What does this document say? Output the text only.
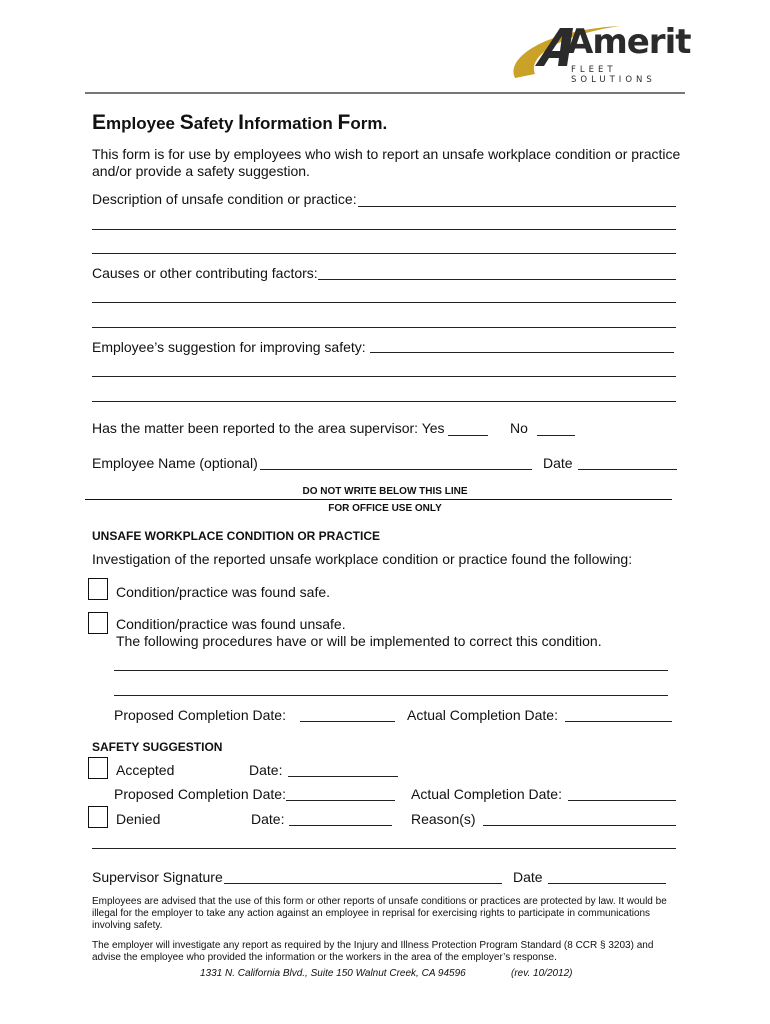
Amerit
FLEET SOLUTIONS
Employee Safety Information Form.
This form is for use by employees who wish to report an unsafe workplace condition or practice
and/or provide a safety suggestion.
Description of unsafe condition or practice:
Causes or other contributing factors:
Employee’s suggestion for improving safety:
Has the matter been reported to the area supervisor: Yes	No
Employee Name (optional)	Date
DO NOT WRITE BELOW THIS LINE
FOR OFFICE USE ONLY
UNSAFE WORKPLACE CONDITION OR PRACTICE
Investigation of the reported unsafe workplace condition or practice found the following:
Condition/practice was found safe.
Condition/practice was found unsafe.
The following procedures have or will be implemented to correct this condition.
Proposed Completion Date:	Actual Completion Date:
SAFETY SUGGESTION
Accepted	Date:
Proposed Completion Date:	Actual Completion Date:
Denied	Date:	Reason(s)
Supervisor Signature	Date
Employees are advised that the use of this form or other reports of unsafe conditions or practices are protected by law. It would be
illegal for the employer to take any action against an employee in reprisal for exercising rights to participate in communications
involving safety.
The employer will investigate any report as required by the Injury and Illness Protection Program Standard (8 CCR § 3203) and
advise the employee who provided the information or the workers in the area of the employer’s response.
1331 N. California Blvd., Suite 150 Walnut Creek, CA 94596	(rev. 10/2012)
